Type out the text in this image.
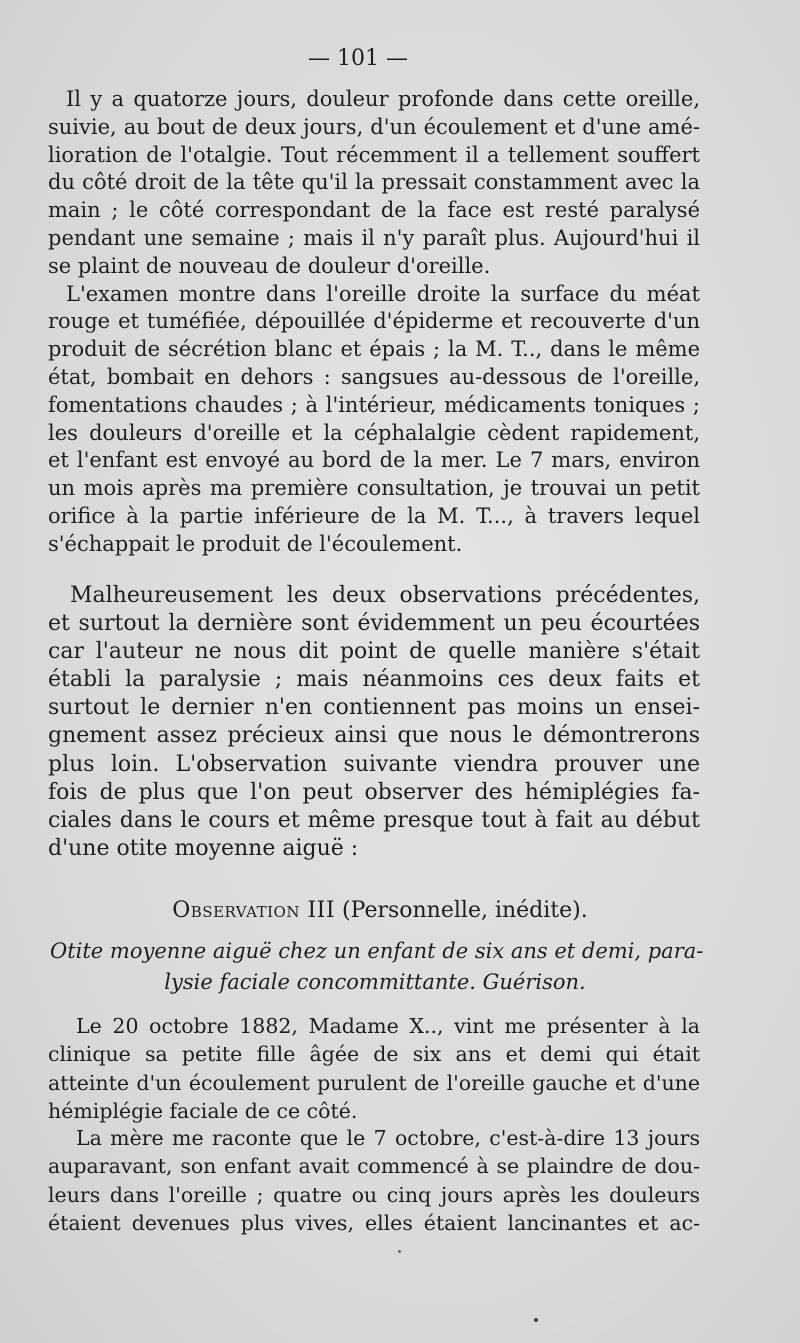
— 101 —
Il y a quatorze jours, douleur profonde dans cette oreille,
suivie, au bout de deux jours, d'un écoulement et d'une amé-
lioration de l'otalgie. Tout récemment il a tellement souffert
du côté droit de la tête qu'il la pressait constamment avec la
main ; le côté correspondant de la face est resté paralysé
pendant une semaine ; mais il n'y paraît plus. Aujourd'hui il
se plaint de nouveau de douleur d'oreille.
L'examen montre dans l'oreille droite la surface du méat
rouge et tuméfiée, dépouillée d'épiderme et recouverte d'un
produit de sécrétion blanc et épais ; la M. T.., dans le même
état, bombait en dehors : sangsues au-dessous de l'oreille,
fomentations chaudes ; à l'intérieur, médicaments toniques ;
les douleurs d'oreille et la céphalalgie cèdent rapidement,
et l'enfant est envoyé au bord de la mer. Le 7 mars, environ
un mois après ma première consultation, je trouvai un petit
orifice à la partie inférieure de la M. T..., à travers lequel
s'échappait le produit de l'écoulement.
Malheureusement les deux observations précédentes,
et surtout la dernière sont évidemment un peu écourtées
car l'auteur ne nous dit point de quelle manière s'était
établi la paralysie ; mais néanmoins ces deux faits et
surtout le dernier n'en contiennent pas moins un ensei-
gnement assez précieux ainsi que nous le démontrerons
plus loin. L'observation suivante viendra prouver une
fois de plus que l'on peut observer des hémiplégies fa-
ciales dans le cours et même presque tout à fait au début
d'une otite moyenne aiguë :
Observation III (Personnelle, inédite).
Otite moyenne aiguë chez un enfant de six ans et demi, para-
lysie faciale concommittante. Guérison.
Le 20 octobre 1882, Madame X.., vint me présenter à la
clinique sa petite fille âgée de six ans et demi qui était
atteinte d'un écoulement purulent de l'oreille gauche et d'une
hémiplégie faciale de ce côté.
La mère me raconte que le 7 octobre, c'est-à-dire 13 jours
auparavant, son enfant avait commencé à se plaindre de dou-
leurs dans l'oreille ; quatre ou cinq jours après les douleurs
étaient devenues plus vives, elles étaient lancinantes et ac-
